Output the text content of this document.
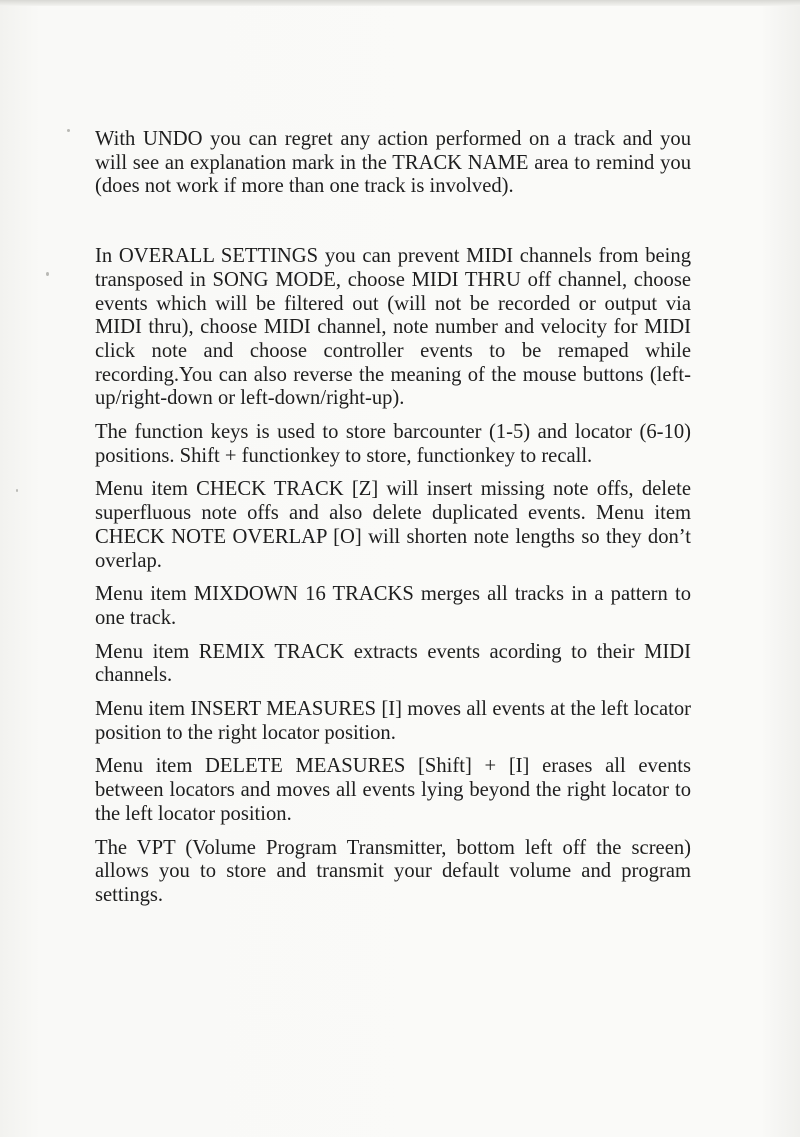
With UNDO you can regret any action performed on a track and you will see an explanation mark in the TRACK NAME area to remind you (does not work if more than one track is involved).

In OVERALL SETTINGS you can prevent MIDI channels from being transposed in SONG MODE, choose MIDI THRU off channel, choose events which will be filtered out (will not be recorded or output via MIDI thru), choose MIDI channel, note number and velocity for MIDI click note and choose controller events to be remaped while recording.You can also reverse the meaning of the mouse buttons (left-up/right-down or left-down/right-up).

The function keys is used to store barcounter (1-5) and locator (6-10) positions. Shift + functionkey to store, functionkey to recall.

Menu item CHECK TRACK [Z] will insert missing note offs, delete superfluous note offs and also delete duplicated events. Menu item CHECK NOTE OVERLAP [O] will shorten note lengths so they don’t overlap.

Menu item MIXDOWN 16 TRACKS merges all tracks in a pattern to one track.

Menu item REMIX TRACK extracts events acording to their MIDI channels.

Menu item INSERT MEASURES [I] moves all events at the left locator position to the right locator position.

Menu item DELETE MEASURES [Shift] + [I] erases all events between locators and moves all events lying beyond the right locator to the left locator position.

The VPT (Volume Program Transmitter, bottom left off the screen) allows you to store and transmit your default volume and program settings.
